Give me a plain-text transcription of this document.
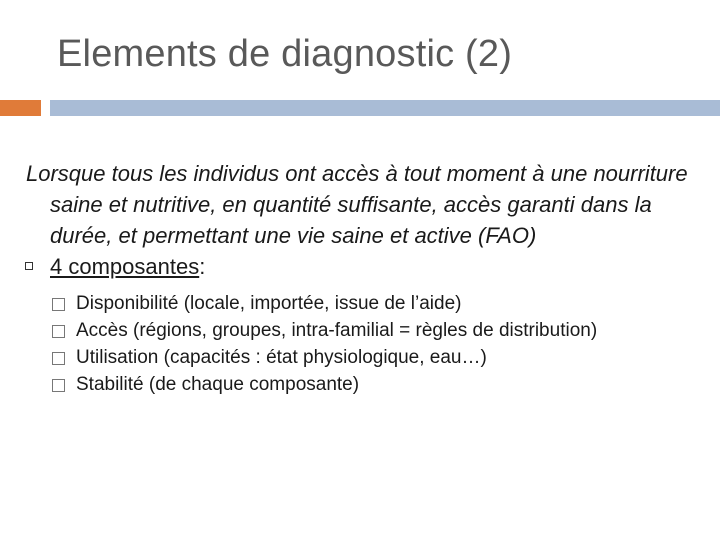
Elements de diagnostic (2)

Lorsque tous les individus ont accès à tout moment à une nourriture saine et nutritive, en quantité suffisante, accès garanti dans la durée, et permettant une vie saine et active (FAO)

4 composantes:

Disponibilité (locale, importée, issue de l’aide)
Accès (régions, groupes, intra-familial = règles de distribution)
Utilisation (capacités : état physiologique, eau…)
Stabilité (de chaque composante)
